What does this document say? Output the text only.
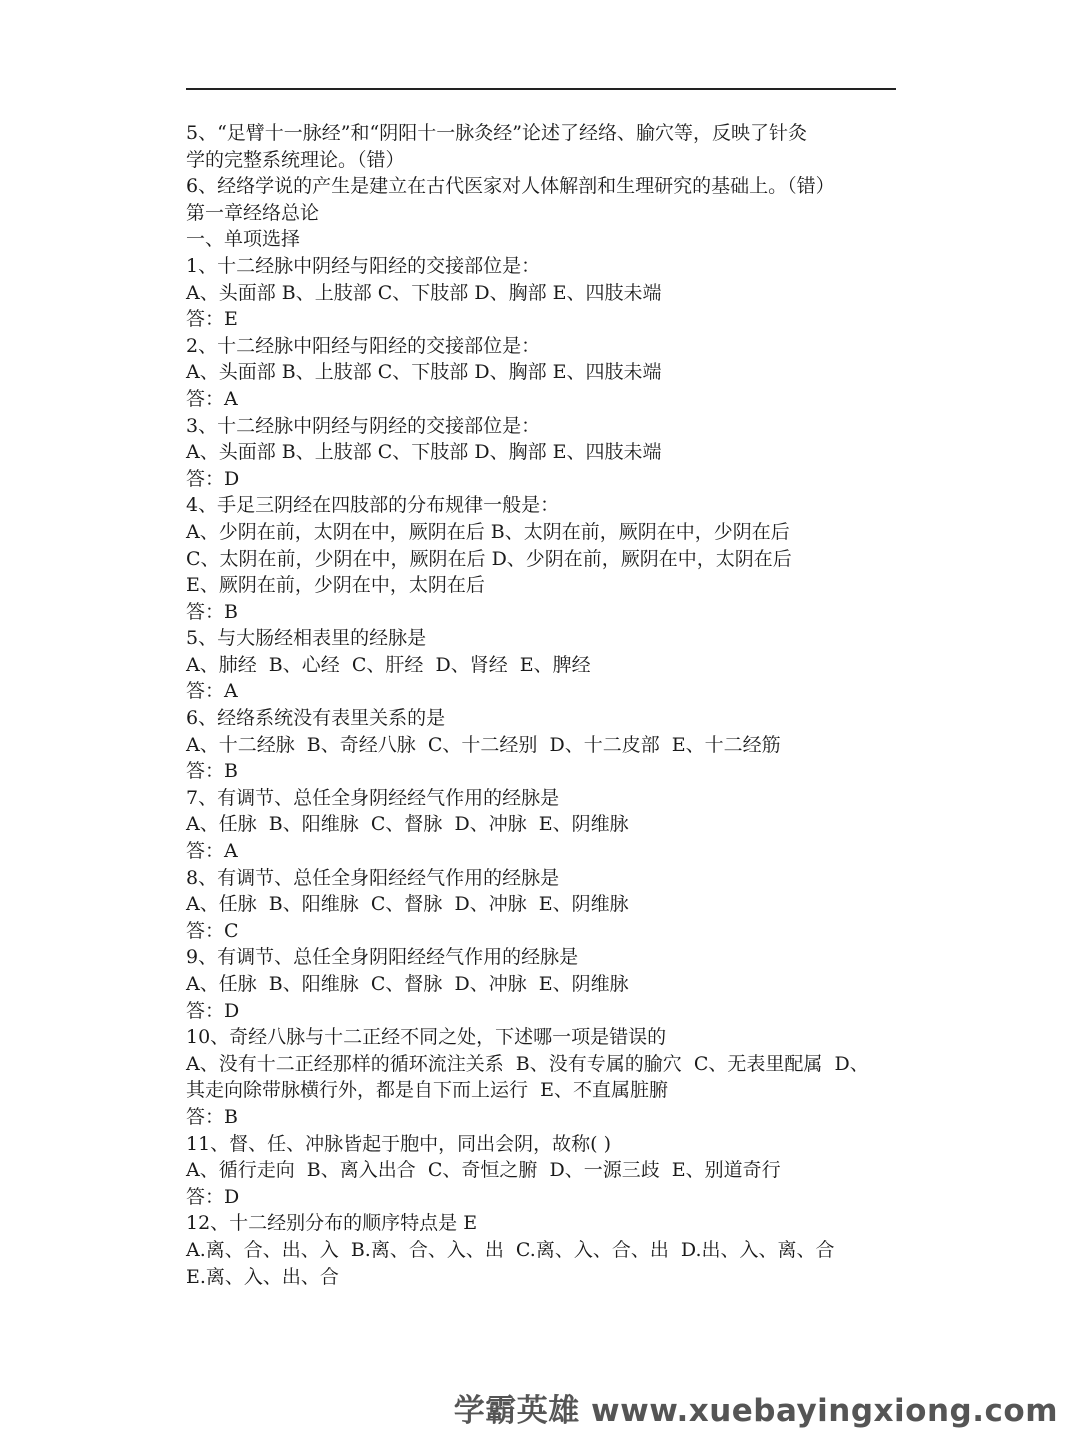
5、“足臂十一脉经”和“阴阳十一脉灸经”论述了经络、腧穴等，反映了针灸
学的完整系统理论。（错）
6、经络学说的产生是建立在古代医家对人体解剖和生理研究的基础上。（错）
第一章经络总论
一、单项选择
1、十二经脉中阴经与阳经的交接部位是：
A、头面部 B、上肢部 C、下肢部 D、胸部 E、四肢未端
答：E
2、十二经脉中阳经与阳经的交接部位是：
A、头面部 B、上肢部 C、下肢部 D、胸部 E、四肢未端
答：A
3、十二经脉中阴经与阴经的交接部位是：
A、头面部 B、上肢部 C、下肢部 D、胸部 E、四肢未端
答：D
4、手足三阴经在四肢部的分布规律一般是：
A、少阴在前，太阴在中，厥阴在后 B、太阴在前，厥阴在中，少阴在后
C、太阴在前，少阴在中，厥阴在后 D、少阴在前，厥阴在中，太阴在后
E、厥阴在前，少阴在中，太阴在后
答：B
5、与大肠经相表里的经脉是
A、肺经  B、心经  C、肝经  D、肾经  E、脾经
答：A
6、经络系统没有表里关系的是
A、十二经脉  B、奇经八脉  C、十二经别  D、十二皮部  E、十二经筋
答：B
7、有调节、总任全身阴经经气作用的经脉是
A、任脉  B、阳维脉  C、督脉  D、冲脉  E、阴维脉
答：A
8、有调节、总任全身阳经经气作用的经脉是
A、任脉  B、阳维脉  C、督脉  D、冲脉  E、阴维脉
答：C
9、有调节、总任全身阴阳经经气作用的经脉是
A、任脉  B、阳维脉  C、督脉  D、冲脉  E、阴维脉
答：D
10、奇经八脉与十二正经不同之处，下述哪一项是错误的
A、没有十二正经那样的循环流注关系  B、没有专属的腧穴  C、无表里配属  D、
其走向除带脉横行外，都是自下而上运行  E、不直属脏腑
答：B
11、督、任、冲脉皆起于胞中，同出会阴，故称( )
A、循行走向  B、离入出合  C、奇恒之腑  D、一源三歧  E、别道奇行
答：D
12、十二经别分布的顺序特点是 E
A.离、合、出、入  B.离、合、入、出  C.离、入、合、出  D.出、入、离、合
E.离、入、出、合
学霸英雄 www.xuebayingxiong.com
